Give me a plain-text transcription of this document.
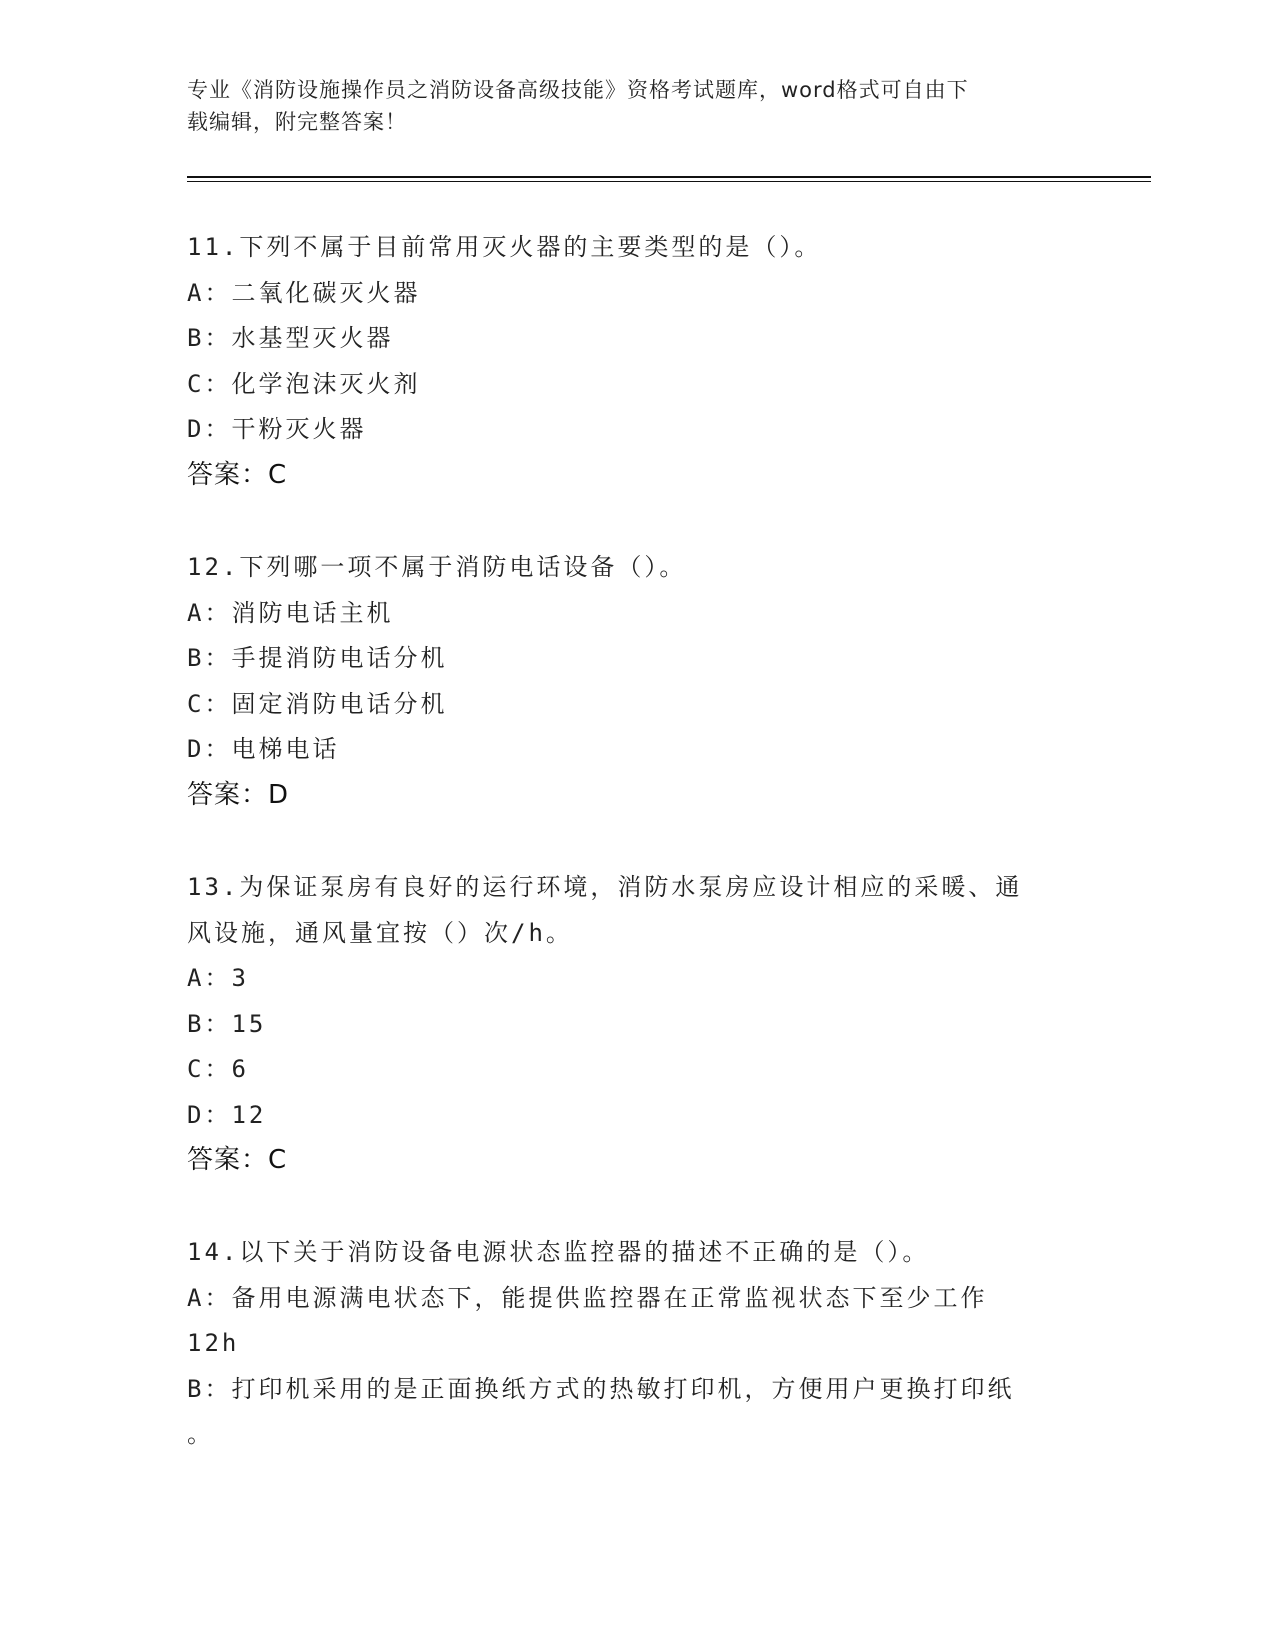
专业《消防设施操作员之消防设备高级技能》资格考试题库，word格式可自由下
载编辑，附完整答案！
11.下列不属于目前常用灭火器的主要类型的是（）。
A：二氧化碳灭火器
B：水基型灭火器
C：化学泡沫灭火剂
D：干粉灭火器
答案：C
12.下列哪一项不属于消防电话设备（）。
A：消防电话主机
B：手提消防电话分机
C：固定消防电话分机
D：电梯电话
答案：D
13.为保证泵房有良好的运行环境，消防水泵房应设计相应的采暖、通
风设施，通风量宜按（）次/h。
A：3
B：15
C：6
D：12
答案：C
14.以下关于消防设备电源状态监控器的描述不正确的是（）。
A：备用电源满电状态下，能提供监控器在正常监视状态下至少工作
12h
B：打印机采用的是正面换纸方式的热敏打印机，方便用户更换打印纸
。
